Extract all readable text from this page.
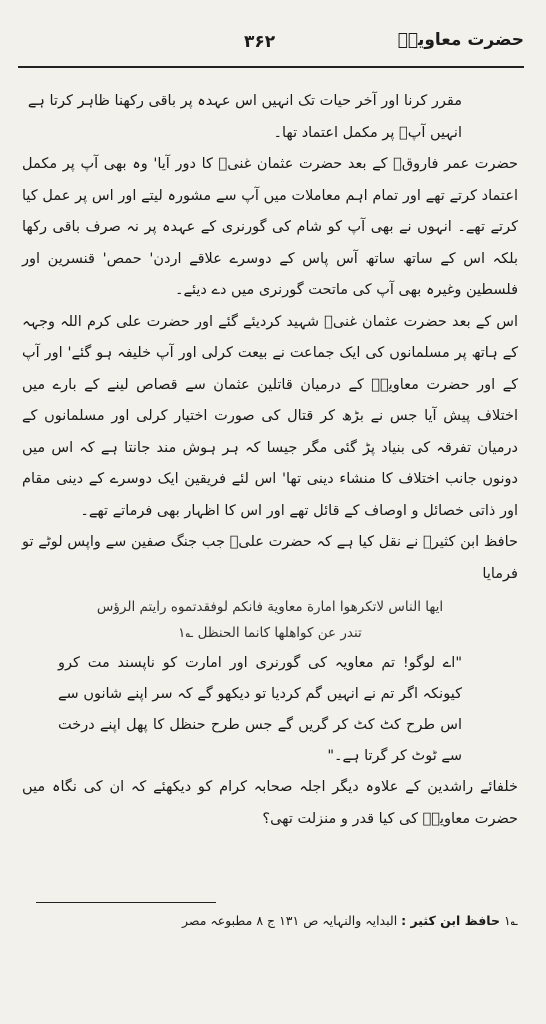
۳۶۲	حضرت معاویہؓ

مقرر کرنا اور آخر حیات تک انہیں اس عہدہ پر باقی رکھنا ظاہر کرتا ہے

انہیں آپؓ پر مکمل اعتماد تھا۔

حضرت عمر فاروقؓ کے بعد حضرت عثمان غنیؓ کا دور آیا' وہ بھی آپ پر مکمل اعتماد کرتے تھے اور تمام اہم معاملات میں آپ سے مشورہ لیتے اور اس پر عمل کیا کرتے تھے۔ انہوں نے بھی آپ کو شام کی گورنری کے عہدہ پر نہ صرف باقی رکھا بلکہ اس کے ساتھ ساتھ آس پاس کے دوسرے علاقے اردن' حمص' قنسرین اور فلسطین وغیرہ بھی آپ کی ماتحت گورنری میں دے دیئے۔

اس کے بعد حضرت عثمان غنیؓ شہید کردیئے گئے اور حضرت علی کرم اللہ وجہہ کے ہاتھ پر مسلمانوں کی ایک جماعت نے بیعت کرلی اور آپ خلیفہ ہو گئے' اور آپ کے اور حضرت معاویہؓ کے درمیان قاتلین عثمان سے قصاص لینے کے بارے میں اختلاف پیش آیا جس نے بڑھ کر قتال کی صورت اختیار کرلی اور مسلمانوں کے درمیان تفرقہ کی بنیاد پڑ گئی مگر جیسا کہ ہر ہوش مند جانتا ہے کہ اس میں دونوں جانب اختلاف کا منشاء دینی تھا' اس لئے فریقین ایک دوسرے کے دینی مقام اور ذاتی خصائل و اوصاف کے قائل تھے اور اس کا اظہار بھی فرماتے تھے۔

حافظ ابن کثیرؒ نے نقل کیا ہے کہ حضرت علیؓ جب جنگ صفین سے واپس لوٹے تو فرمایا

ایها الناس لاتکرهوا امارة معاویة فانکم لوفقدتموه رایتم الرؤس
تندر عن کواهلها کانما الحنظل ؎۱

"اے لوگو! تم معاویہ کی گورنری اور امارت کو ناپسند مت کرو کیونکہ اگر تم نے انہیں گم کردیا تو دیکھو گے کہ سر اپنے شانوں سے اس طرح کٹ کٹ کر گریں گے جس طرح حنظل کا پھل اپنے درخت سے ٹوٹ کر گرتا ہے۔"

خلفائے راشدین کے علاوہ دیگر اجلہ صحابہ کرام کو دیکھئے کہ ان کی نگاہ میں حضرت معاویہؓ کی کیا قدر و منزلت تھی؟

؎۱ حافظ ابن کثیر : البدایہ والنہایہ ص ۱۳۱ ج ۸ مطبوعہ مصر
